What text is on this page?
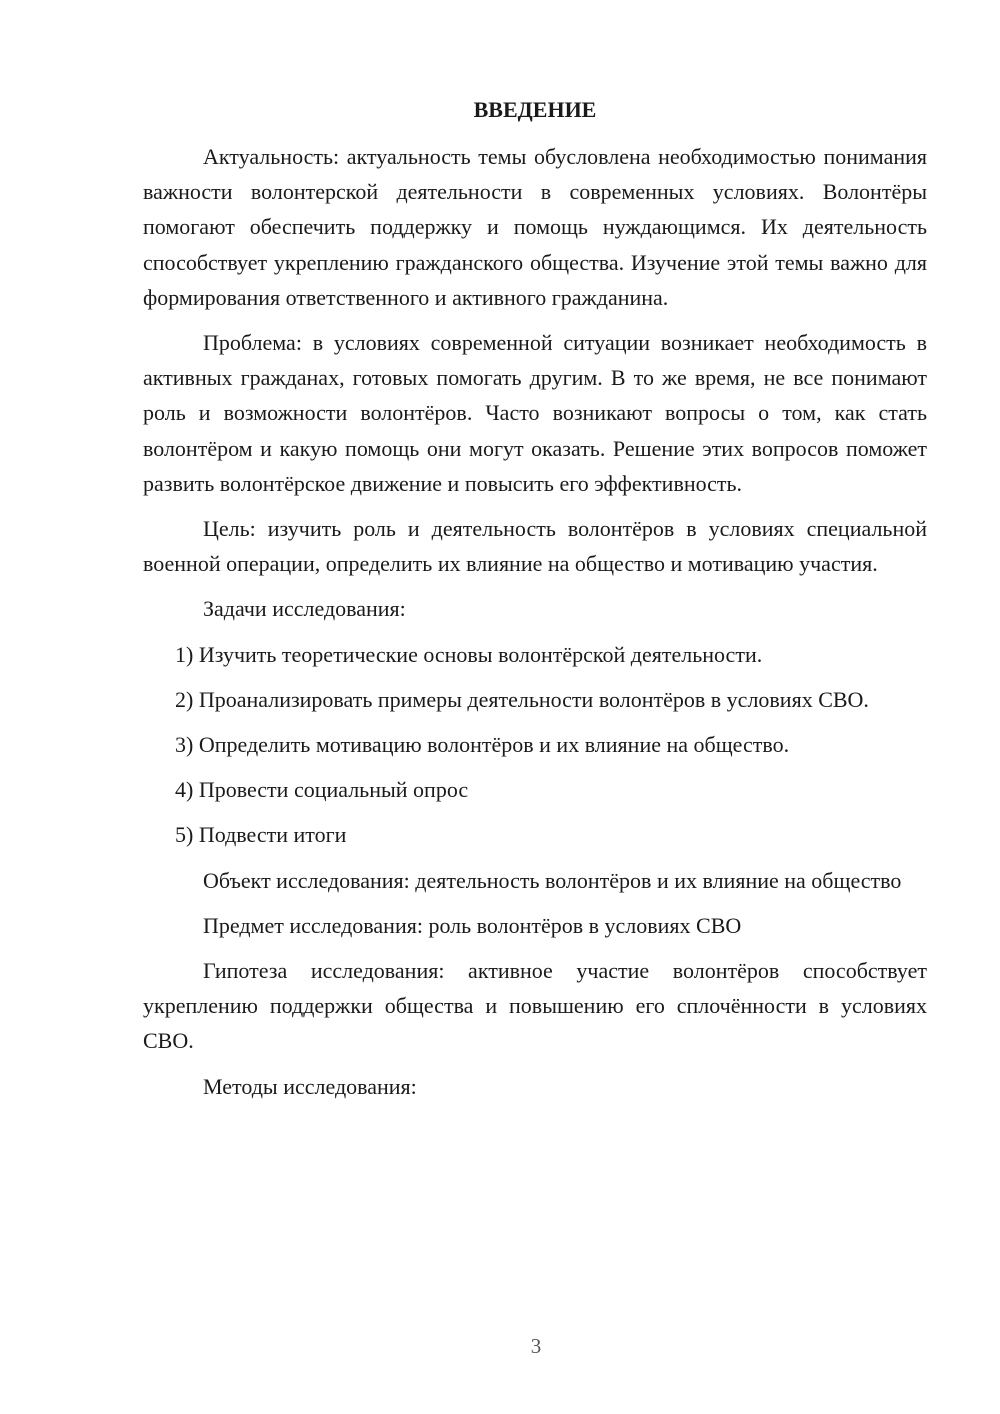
ВВЕДЕНИЕ

Актуальность: актуальность темы обусловлена необходимостью понимания важности волонтерской деятельности в современных условиях. Волонтёры помогают обеспечить поддержку и помощь нуждающимся. Их деятельность способствует укреплению гражданского общества. Изучение этой темы важно для формирования ответственного и активного гражданина.

Проблема: в условиях современной ситуации возникает необходимость в активных гражданах, готовых помогать другим. В то же время, не все понимают роль и возможности волонтёров. Часто возникают вопросы о том, как стать волонтёром и какую помощь они могут оказать. Решение этих вопросов поможет развить волонтёрское движение и повысить его эффективность.

Цель: изучить роль и деятельность волонтёров в условиях специальной военной операции, определить их влияние на общество и мотивацию участия.

Задачи исследования:

1) Изучить теоретические основы волонтёрской деятельности.

2) Проанализировать примеры деятельности волонтёров в условиях СВО.

3) Определить мотивацию волонтёров и их влияние на общество.

4) Провести социальный опрос

5) Подвести итоги

Объект исследования: деятельность волонтёров и их влияние на общество

Предмет исследования: роль волонтёров в условиях СВО

Гипотеза исследования: активное участие волонтёров способствует укреплению поддержки общества и повышению его сплочённости в условиях СВО.

Методы исследования:

3
